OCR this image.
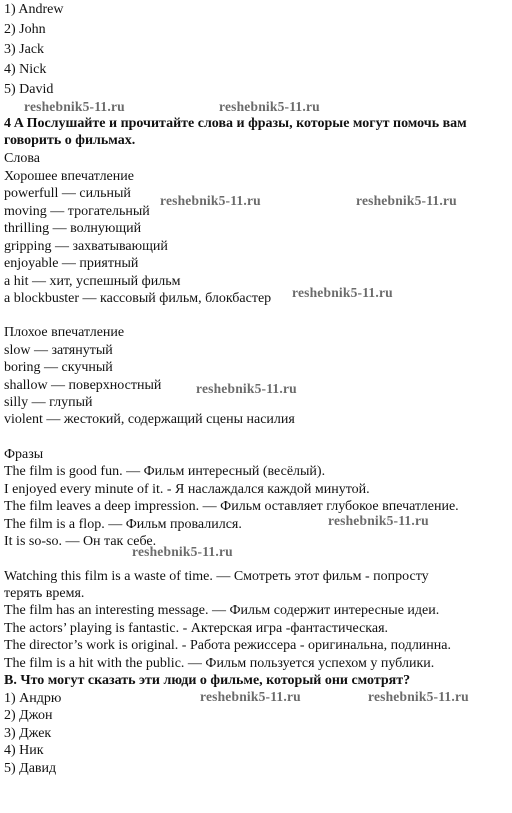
1) Andrew
2) John
3) Jack
4) Nick
5) David
4 A Послушайте и прочитайте слова и фразы, которые могут помочь вам
говорить о фильмах.
Слова
Хорошее впечатление
powerfull — сильный
moving — трогательный
thrilling — волнующий
gripping — захватывающий
enjoyable — приятный
a hit — хит, успешный фильм
a blockbuster — кассовый фильм, блокбастер
Плохое впечатление
slow — затянутый
boring — скучный
shallow — поверхностный
silly — глупый
violent — жестокий, содержащий сцены насилия
Фразы
The film is good fun. — Фильм интересный (весёлый).
I enjoyed every minute of it. - Я наслаждался каждой минутой.
The film leaves a deep impression. — Фильм оставляет глубокое впечатление.
The film is a flop. — Фильм провалился.
It is so-so. — Он так себе.
Watching this film is a waste of time. — Смотреть этот фильм - попросту
терять время.
The film has an interesting message. — Фильм содержит интересные идеи.
The actors’ playing is fantastic. - Актерская игра -фантастическая.
The director’s work is original. - Работа режиссера - оригинальна, подлинна.
The film is a hit with the public. — Фильм пользуется успехом у публики.
B. Что могут сказать эти люди о фильме, который они смотрят?
1) Андрю
2) Джон
3) Джек
4) Ник
5) Давид
reshebnik5-11.ru	reshebnik5-11.ru
reshebnik5-11.ru	reshebnik5-11.ru
reshebnik5-11.ru
reshebnik5-11.ru
reshebnik5-11.ru
reshebnik5-11.ru
reshebnik5-11.ru	reshebnik5-11.ru
